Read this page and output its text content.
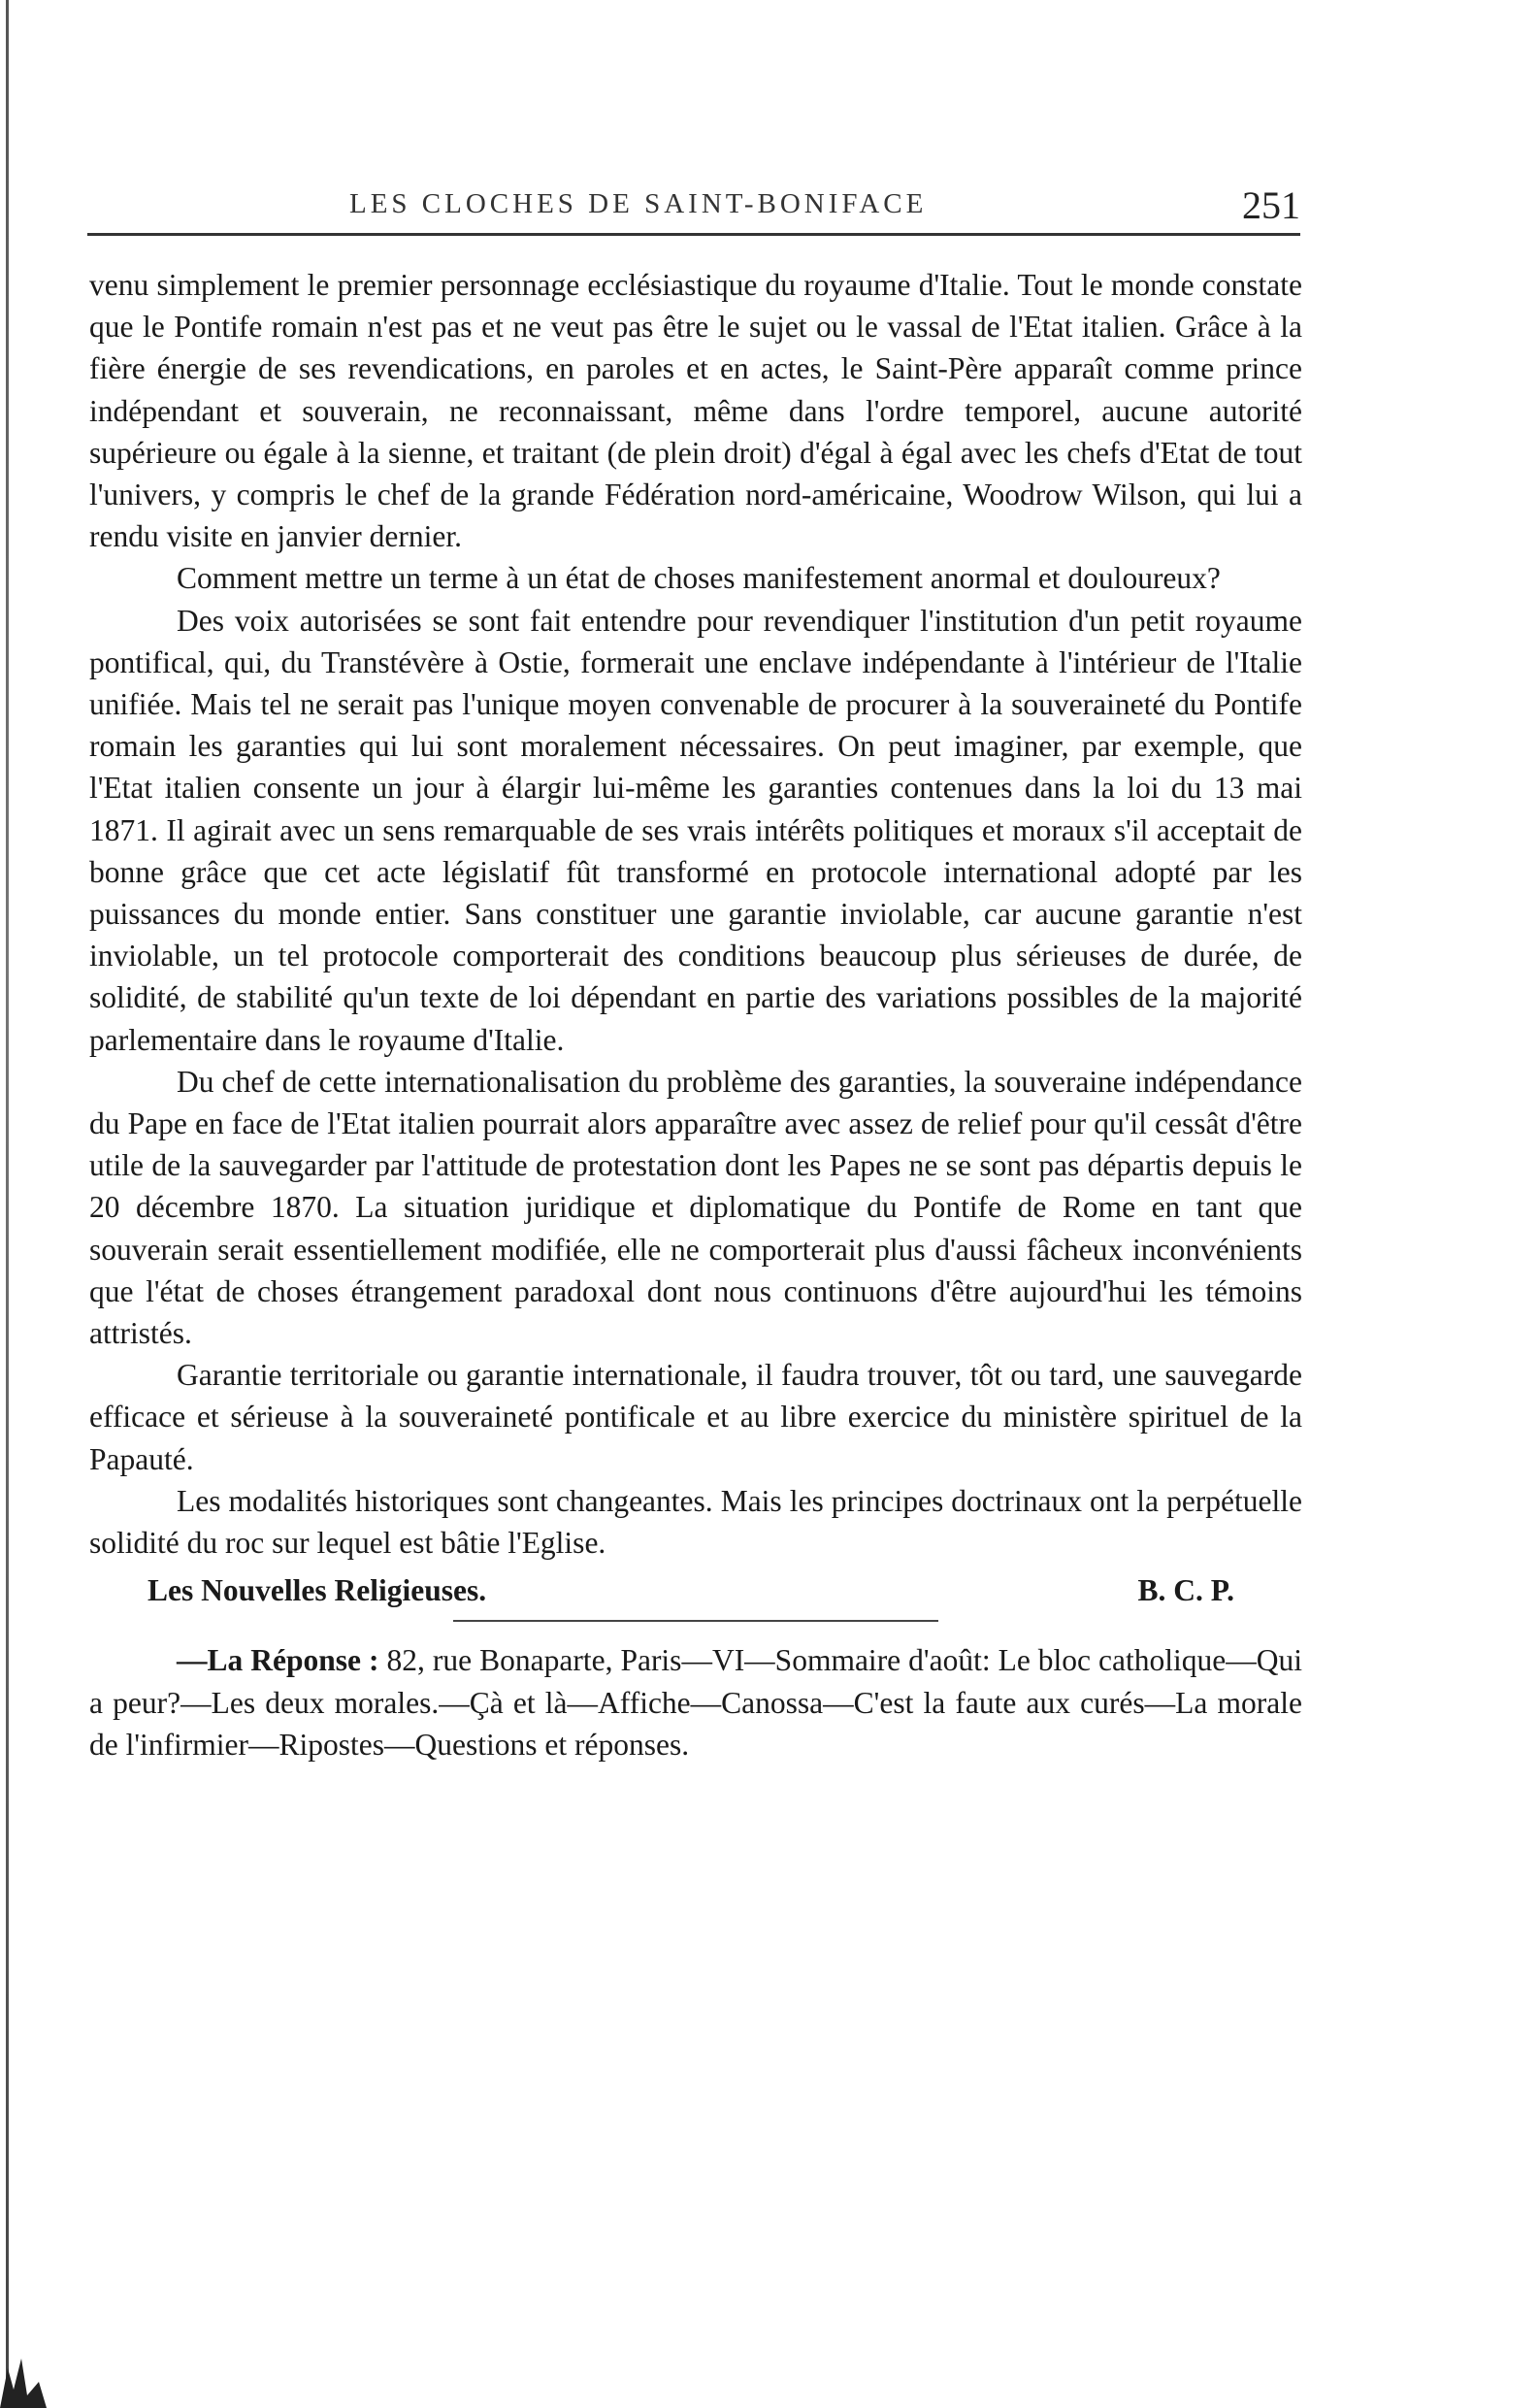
LES CLOCHES DE SAINT-BONIFACE	251

venu simplement le premier personnage ecclésiastique du royaume d'Italie. Tout le monde constate que le Pontife romain n'est pas et ne veut pas être le sujet ou le vassal de l'Etat italien. Grâce à la fière énergie de ses revendications, en paroles et en actes, le Saint-Père apparaît comme prince indépendant et souverain, ne reconnaissant, même dans l'ordre temporel, aucune autorité supérieure ou égale à la sienne, et traitant (de plein droit) d'égal à égal avec les chefs d'Etat de tout l'univers, y compris le chef de la grande Fédération nord-américaine, Woodrow Wilson, qui lui a rendu visite en janvier dernier.

Comment mettre un terme à un état de choses manifestement anormal et douloureux?

Des voix autorisées se sont fait entendre pour revendiquer l'institution d'un petit royaume pontifical, qui, du Transtévère à Ostie, formerait une enclave indépendante à l'intérieur de l'Italie unifiée. Mais tel ne serait pas l'unique moyen convenable de procurer à la souveraineté du Pontife romain les garanties qui lui sont moralement nécessaires. On peut imaginer, par exemple, que l'Etat italien consente un jour à élargir lui-même les garanties contenues dans la loi du 13 mai 1871. Il agirait avec un sens remarquable de ses vrais intérêts politiques et moraux s'il acceptait de bonne grâce que cet acte législatif fût transformé en protocole international adopté par les puissances du monde entier. Sans constituer une garantie inviolable, car aucune garantie n'est inviolable, un tel protocole comporterait des conditions beaucoup plus sérieuses de durée, de solidité, de stabilité qu'un texte de loi dépendant en partie des variations possibles de la majorité parlementaire dans le royaume d'Italie.

Du chef de cette internationalisation du problème des garanties, la souveraine indépendance du Pape en face de l'Etat italien pourrait alors apparaître avec assez de relief pour qu'il cessât d'être utile de la sauvegarder par l'attitude de protestation dont les Papes ne se sont pas départis depuis le 20 décembre 1870. La situation juridique et diplomatique du Pontife de Rome en tant que souverain serait essentiellement modifiée, elle ne comporterait plus d'aussi fâcheux inconvénients que l'état de choses étrangement paradoxal dont nous continuons d'être aujourd'hui les témoins attristés.

Garantie territoriale ou garantie internationale, il faudra trouver, tôt ou tard, une sauvegarde efficace et sérieuse à la souveraineté pontificale et au libre exercice du ministère spirituel de la Papauté.

Les modalités historiques sont changeantes. Mais les principes doctrinaux ont la perpétuelle solidité du roc sur lequel est bâtie l'Eglise.

Les Nouvelles Religieuses.	B. C. P.

—La Réponse : 82, rue Bonaparte, Paris—VI—Sommaire d'août: Le bloc catholique—Qui a peur?—Les deux morales.—Çà et là—Affiche—Canossa—C'est la faute aux curés—La morale de l'infirmier—Ripostes—Questions et réponses.
